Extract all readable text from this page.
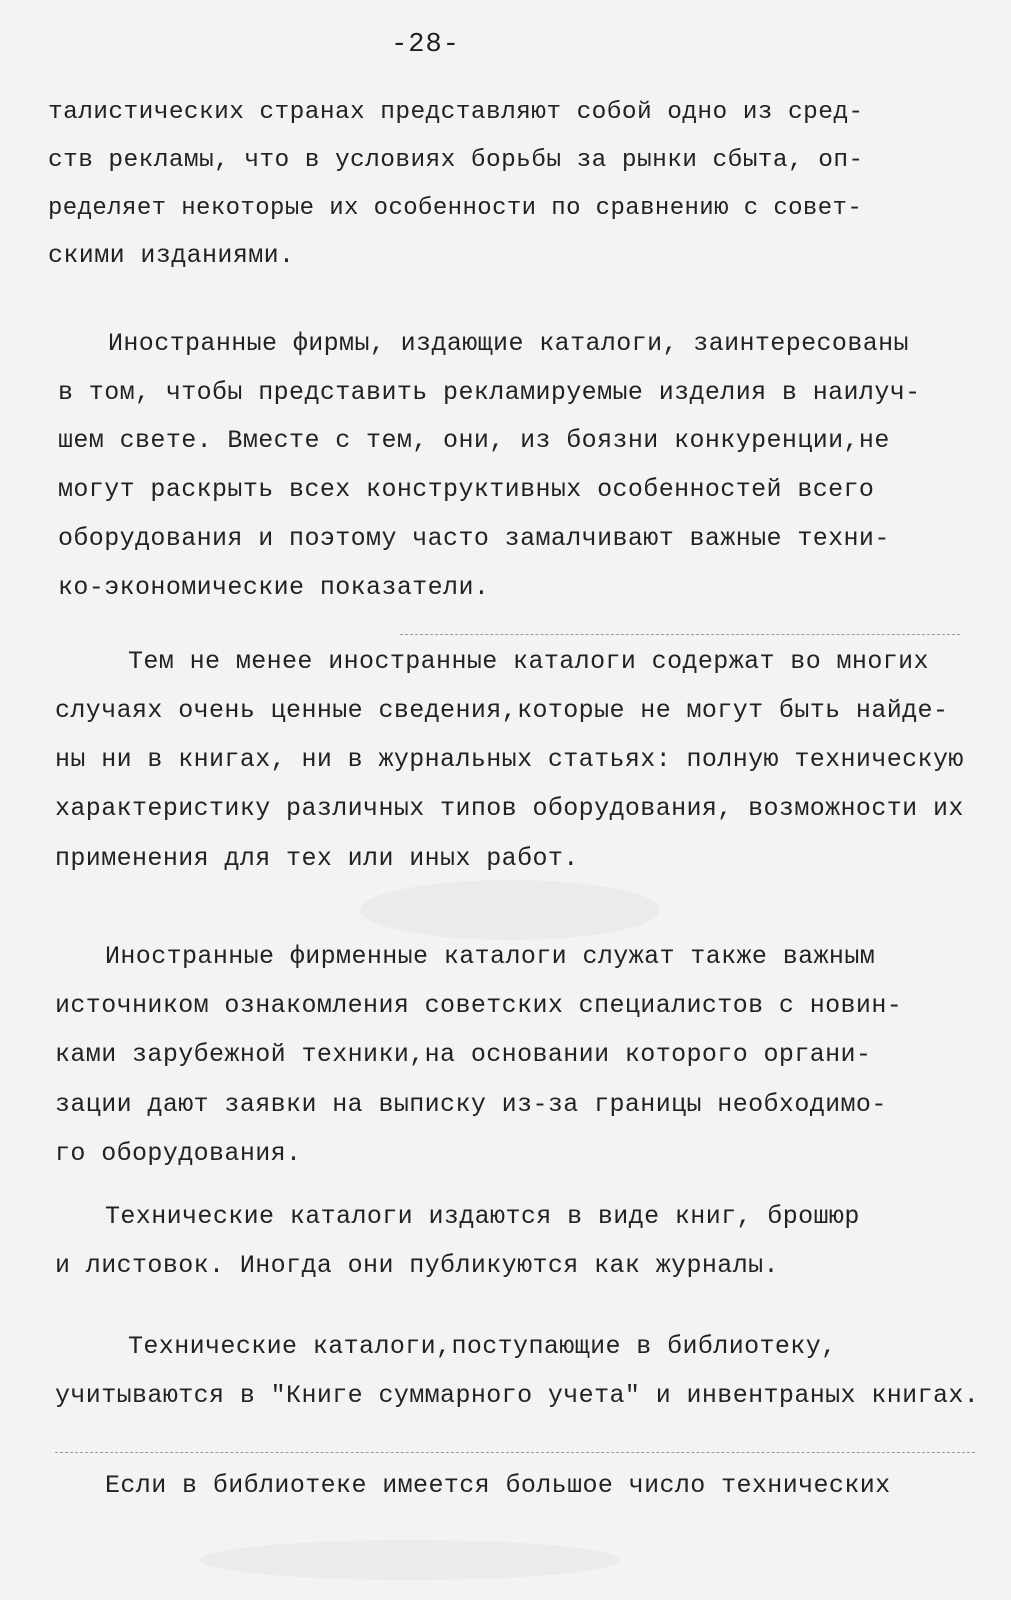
-28-
талистических странах представляют собой одно из сред-
ств рекламы, что в условиях борьбы за рынки сбыта, оп-
ределяет некоторые их особенности по сравнению с совет-
скими изданиями.
Иностранные фирмы, издающие каталоги, заинтересованы
в том, чтобы представить рекламируемые изделия в наилуч-
шем свете. Вместе с тем, они, из боязни конкуренции,не
могут раскрыть всех конструктивных особенностей всего
оборудования и поэтому часто замалчивают важные техни-
ко-экономические показатели.
Тем не менее иностранные каталоги содержат во многих
случаях очень ценные сведения,которые не могут быть найде-
ны ни в книгах, ни в журнальных статьях: полную техническую
характеристику различных типов оборудования, возможности их
применения для тех или иных работ.
Иностранные фирменные каталоги служат также важным
источником ознакомления советских специалистов с новин-
ками зарубежной техники,на основании которого органи-
зации дают заявки на выписку из-за границы необходимо-
го оборудования.
Технические каталоги издаются в виде книг, брошюр
и листовок. Иногда они публикуются как журналы.
Технические каталоги,поступающие в библиотеку,
учитываются в "Книге суммарного учета" и инвентраных книгах.
Если в библиотеке имеется большое число технических
